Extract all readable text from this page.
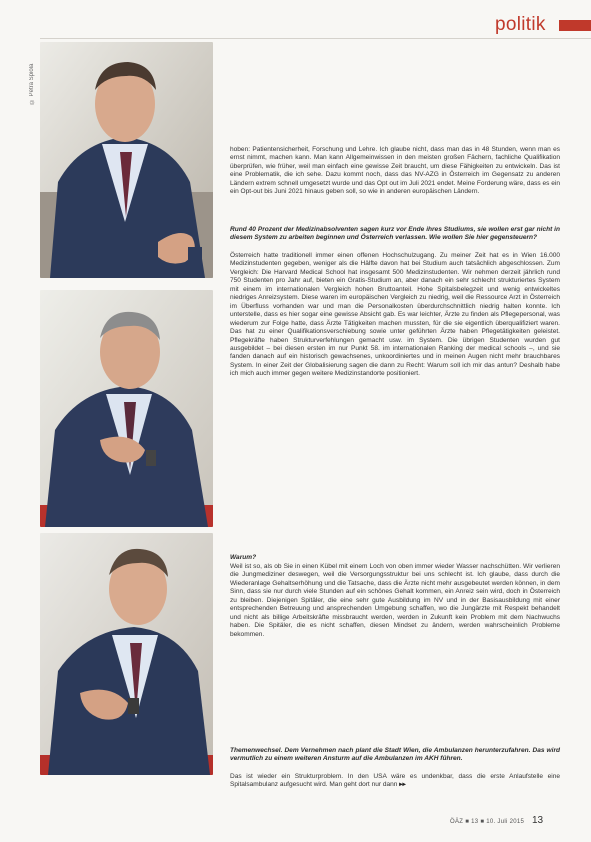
politik
© Petra Spiola

hoben: Patientensicherheit, Forschung und Lehre. Ich glaube nicht, dass man das in 48 Stunden, wenn man es ernst nimmt, machen kann. Man kann Allgemeinwissen in den meisten großen Fächern, fachliche Qualifikation überprüfen, wie früher, weil man einfach eine gewisse Zeit braucht, um diese Fähigkeiten zu entwickeln. Das ist eine Problematik, die ich sehe. Dazu kommt noch, dass das NV-AZG in Österreich im Gegensatz zu anderen Ländern extrem schnell umgesetzt wurde und das Opt out im Juli 2021 endet. Meine Forderung wäre, dass es ein ein Opt-out bis Juni 2021 hinaus geben soll, so wie in anderen europäischen Ländern.

Rund 40 Prozent der Medizinabsolventen sagen kurz vor Ende ihres Studiums, sie wollen erst gar nicht in diesem System zu arbeiten beginnen und Österreich verlassen. Wie wollen Sie hier gegensteuern?

Österreich hatte traditionell immer einen offenen Hochschulzugang. Zu meiner Zeit hat es in Wien 16.000 Medizinstudenten gegeben, weniger als die Hälfte davon hat bei Studium auch tatsächlich abgeschlossen. Zum Vergleich: Die Harvard Medical School hat insgesamt 500 Medizinstudenten. Wir nehmen derzeit jährlich rund 750 Studenten pro Jahr auf, bieten ein Gratis-Studium an, aber danach ein sehr schlecht strukturiertes System mit einem im internationalen Vergleich hohen Bruttoanteil. Hohe Spitalsbelegzeit und wenig entwickeltes niedriges Anreizsystem. Diese waren im europäischen Vergleich zu niedrig, weil die Ressource Arzt in Österreich im Überfluss vorhanden war und man die Personalkosten überdurchschnittlich niedrig halten konnte. Ich unterstelle, dass es hier sogar eine gewisse Absicht gab. Es war leichter, Ärzte zu finden als Pflegepersonal, was wiederum zur Folge hatte, dass Ärzte Tätigkeiten machen mussten, für die sie eigentlich überqualifiziert waren. Das hat zu einer Qualifikationsverschiebung sowie unter geführten Ärzte haben Pflegetätigkeiten geleistet. Pflegekräfte haben Strukturverfehlungen gemacht usw. im System. Die übrigen Studenten wurden gut ausgebildet – bei diesen ersten im nur Punkt 58. im internationalen Ranking der medical schools –, und sie fanden danach auf ein historisch gewachsenes, unkoordiniertes und in meinen Augen nicht mehr brauchbares System. In einer Zeit der Globalisierung sagen die dann zu Recht: Warum soll ich mir das antun? Deshalb habe ich mich auch immer gegen weitere Medizinstandorte positioniert.

Warum?

Weil ist so, als ob Sie in einen Kübel mit einem Loch von oben immer wieder Wasser nachschütten. Wir verlieren die Jungmediziner deswegen, weil die Versorgungsstruktur bei uns schlecht ist. Ich glaube, dass durch die Wiederanlage Gehaltserhöhung und die Tatsache, dass die Ärzte nicht mehr ausgebeutet werden können, in dem Sinn, dass sie nur durch viele Stunden auf ein schönes Gehalt kommen, ein Anreiz sein wird, doch in Österreich zu bleiben. Diejenigen Spitäler, die eine sehr gute Ausbildung im NV und in der Basisausbildung mit einer entsprechenden Betreuung und ansprechenden Umgebung schaffen, wo die Jungärzte mit Respekt behandelt und nicht als billige Arbeitskräfte missbraucht werden, werden in Zukunft kein Problem mit dem Nachwuchs haben. Die Spitäler, die es nicht schaffen, diesen Mindset zu ändern, werden wahrscheinlich Probleme bekommen.

Themenwechsel. Dem Vernehmen nach plant die Stadt Wien, die Ambulanzen herunterzufahren. Das wird vermutlich zu einem weiteren Ansturm auf die Ambulanzen im AKH führen.

Das ist wieder ein Strukturproblem. In den USA wäre es undenkbar, dass die erste Anlaufstelle eine Spitalsambulanz aufgesucht wird. Man geht dort nur dann ▸▸

ÖÄZ ■ 13 ■ 10. Juli 2015 13
